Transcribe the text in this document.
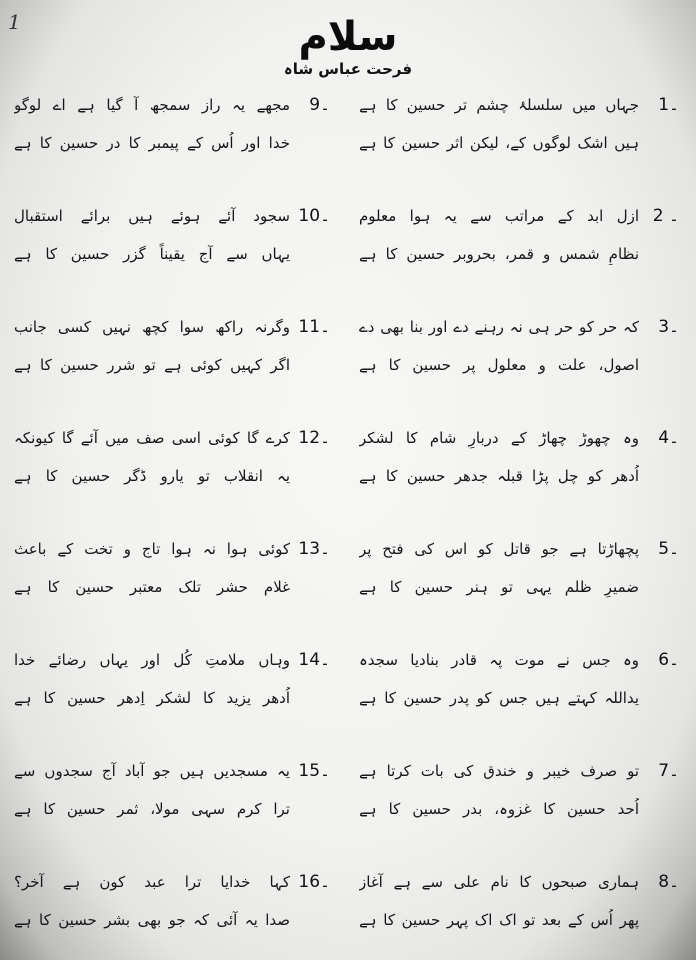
1	سلام
فرحت عباس شاہ
1۔
جہاں میں سلسلۂ چشم تر حسین کا ہے
ہیں اشک لوگوں کے، لیکن اثر حسین کا ہے
2 ۔
ازل ابد کے مراتب سے یہ ہوا معلوم
نظامِ شمس و قمر، بحروبر حسین کا ہے
3۔
کہ حر کو حر ہی نہ رہنے دے اور بنا بھی دے
اصول، علت و معلول پر حسین کا ہے
4۔
وہ چھوڑ چھاڑ کے دربارِ شام کا لشکر
اُدھر کو چل پڑا قبلہ جدھر حسین کا ہے
5۔
پچھاڑتا ہے جو قاتل کو اس کی فتح پر
ضمیرِ ظلم یہی تو ہنر حسین کا ہے
6۔
وہ جس نے موت پہ قادر بنادیا سجدہ
یداللہ کہتے ہیں جس کو پدر حسین کا ہے
7۔
تو صرف خیبر و خندق کی بات کرتا ہے
اُحد حسین کا غزوہ، بدر حسین کا ہے
8۔
ہماری صبحوں کا نام علی سے ہے آغاز
پھر اُس کے بعد تو اک اک پہر حسین کا ہے
9۔
مجھے یہ راز سمجھ آ گیا ہے اے لوگو
خدا اور اُس کے پیمبر کا در حسین کا ہے
10۔
سجود آئے ہوئے ہیں برائے استقبال
یہاں سے آج یقیناً گزر حسین کا ہے
11۔
وگرنہ راکھ سوا کچھ نہیں کسی جانب
اگر کہیں کوئی ہے تو شرر حسین کا ہے
12۔
کرے گا کوئی اسی صف میں آئے گا کیونکہ
یہ انقلاب تو یارو ڈگر حسین کا ہے
13۔
کوئی ہوا نہ ہوا تاج و تخت کے باعث
غلام حشر تلک معتبر حسین کا ہے
14۔
وہاں ملامتِ کُل اور یہاں رضائے خدا
اُدھر یزید کا لشکر اِدھر حسین کا ہے
15۔
یہ مسجدیں ہیں جو آباد آج سجدوں سے
ترا کرم سہی مولا، ثمر حسین کا ہے
16۔
کہا خدایا ترا عبد کون ہے آخر؟
صدا یہ آئی کہ جو بھی بشر حسین کا ہے
